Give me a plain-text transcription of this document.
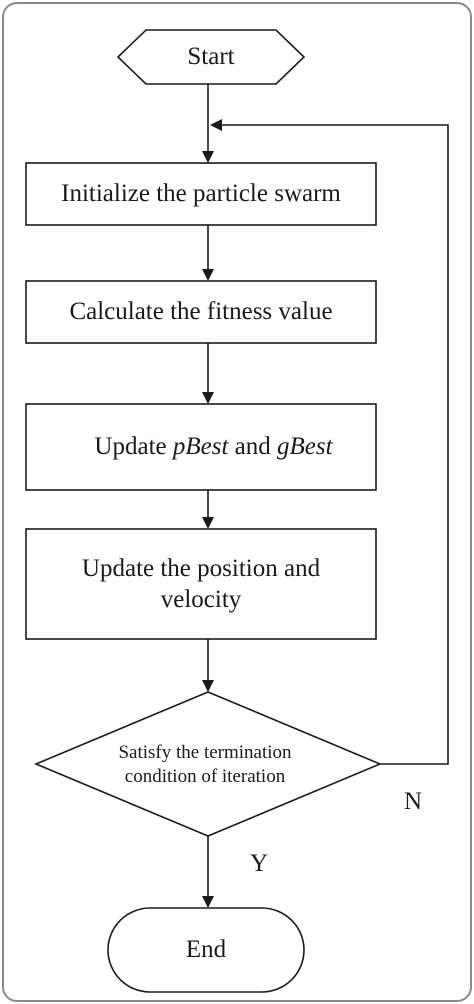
Start
Initialize the particle swarm
Calculate the fitness value

Update pBest and gBest

Update the position and
velocity
Satisfy the termination
condition of iteration
End
N
Y
